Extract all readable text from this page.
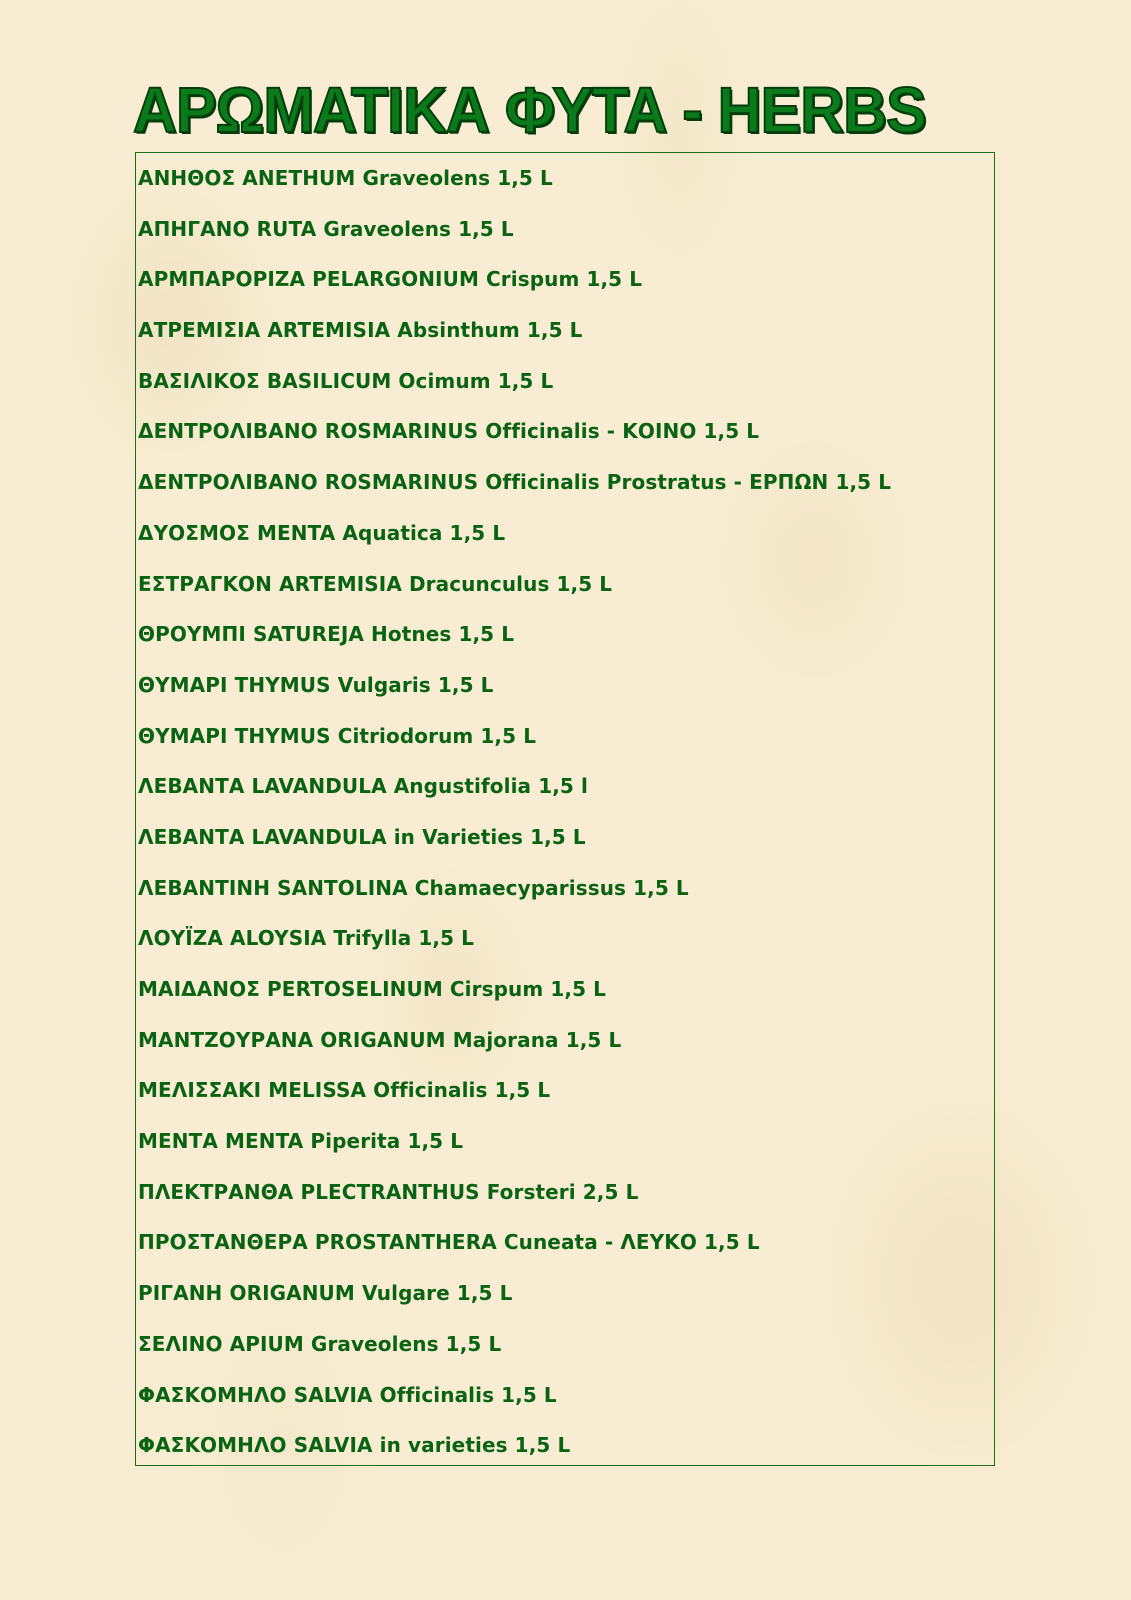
ΑΡΩΜΑΤΙΚΑ ΦΥΤΑ - HERBS
ΑΝΗΘΟΣ ANETHUM Graveolens 1,5 L
ΑΠΗΓΑΝΟ RUTA Graveolens 1,5 L
ΑΡΜΠΑΡΟΡΙΖΑ PELARGONIUM Crispum 1,5 L
ΑΤΡΕΜΙΣΙΑ ARTEMISIA Absinthum 1,5 L
ΒΑΣΙΛΙΚΟΣ BASILICUM Ocimum 1,5 L
ΔΕΝΤΡΟΛΙΒΑΝΟ ROSMARINUS Officinalis - ΚΟΙΝΟ 1,5 L
ΔΕΝΤΡΟΛΙΒΑΝΟ ROSMARINUS Officinalis Prostratus - ΕΡΠΩΝ 1,5 L
ΔΥΟΣΜΟΣ MENTA Aquatica 1,5 L
ΕΣΤΡΑΓΚΟΝ ARTEMISIA Dracunculus 1,5 L
ΘΡΟΥΜΠΙ SATUREJA Hotnes 1,5 L
ΘΥΜΑΡΙ THYMUS Vulgaris 1,5 L
ΘΥΜΑΡΙ THYMUS Citriodorum 1,5 L
ΛΕΒΑΝΤΑ LAVANDULA Angustifolia 1,5 l
ΛΕΒΑΝΤΑ LAVANDULA in Varieties 1,5 L
ΛΕΒΑΝΤΙΝΗ SANTOLINA Chamaecyparissus 1,5 L
ΛΟΥΪΖΑ ALOYSIA Trifylla 1,5 L
ΜΑΙΔΑΝΟΣ PERTOSELINUM Cirspum 1,5 L
ΜΑΝΤΖΟΥΡΑΝΑ ORIGANUM Majorana 1,5 L
ΜΕΛΙΣΣΑΚΙ MELISSA Officinalis 1,5 L
ΜΕΝΤΑ MENTA Piperita 1,5 L
ΠΛΕΚΤΡΑΝΘΑ PLECTRANTHUS Forsteri 2,5 L
ΠΡΟΣΤΑΝΘΕΡΑ PROSTANTHERA Cuneata - ΛΕΥΚΟ 1,5 L
ΡΙΓΑΝΗ ORIGANUM Vulgare 1,5 L
ΣΕΛΙΝΟ APIUM Graveolens 1,5 L
ΦΑΣΚΟΜΗΛΟ SALVIA Officinalis 1,5 L
ΦΑΣΚΟΜΗΛΟ SALVIA in varieties 1,5 L
